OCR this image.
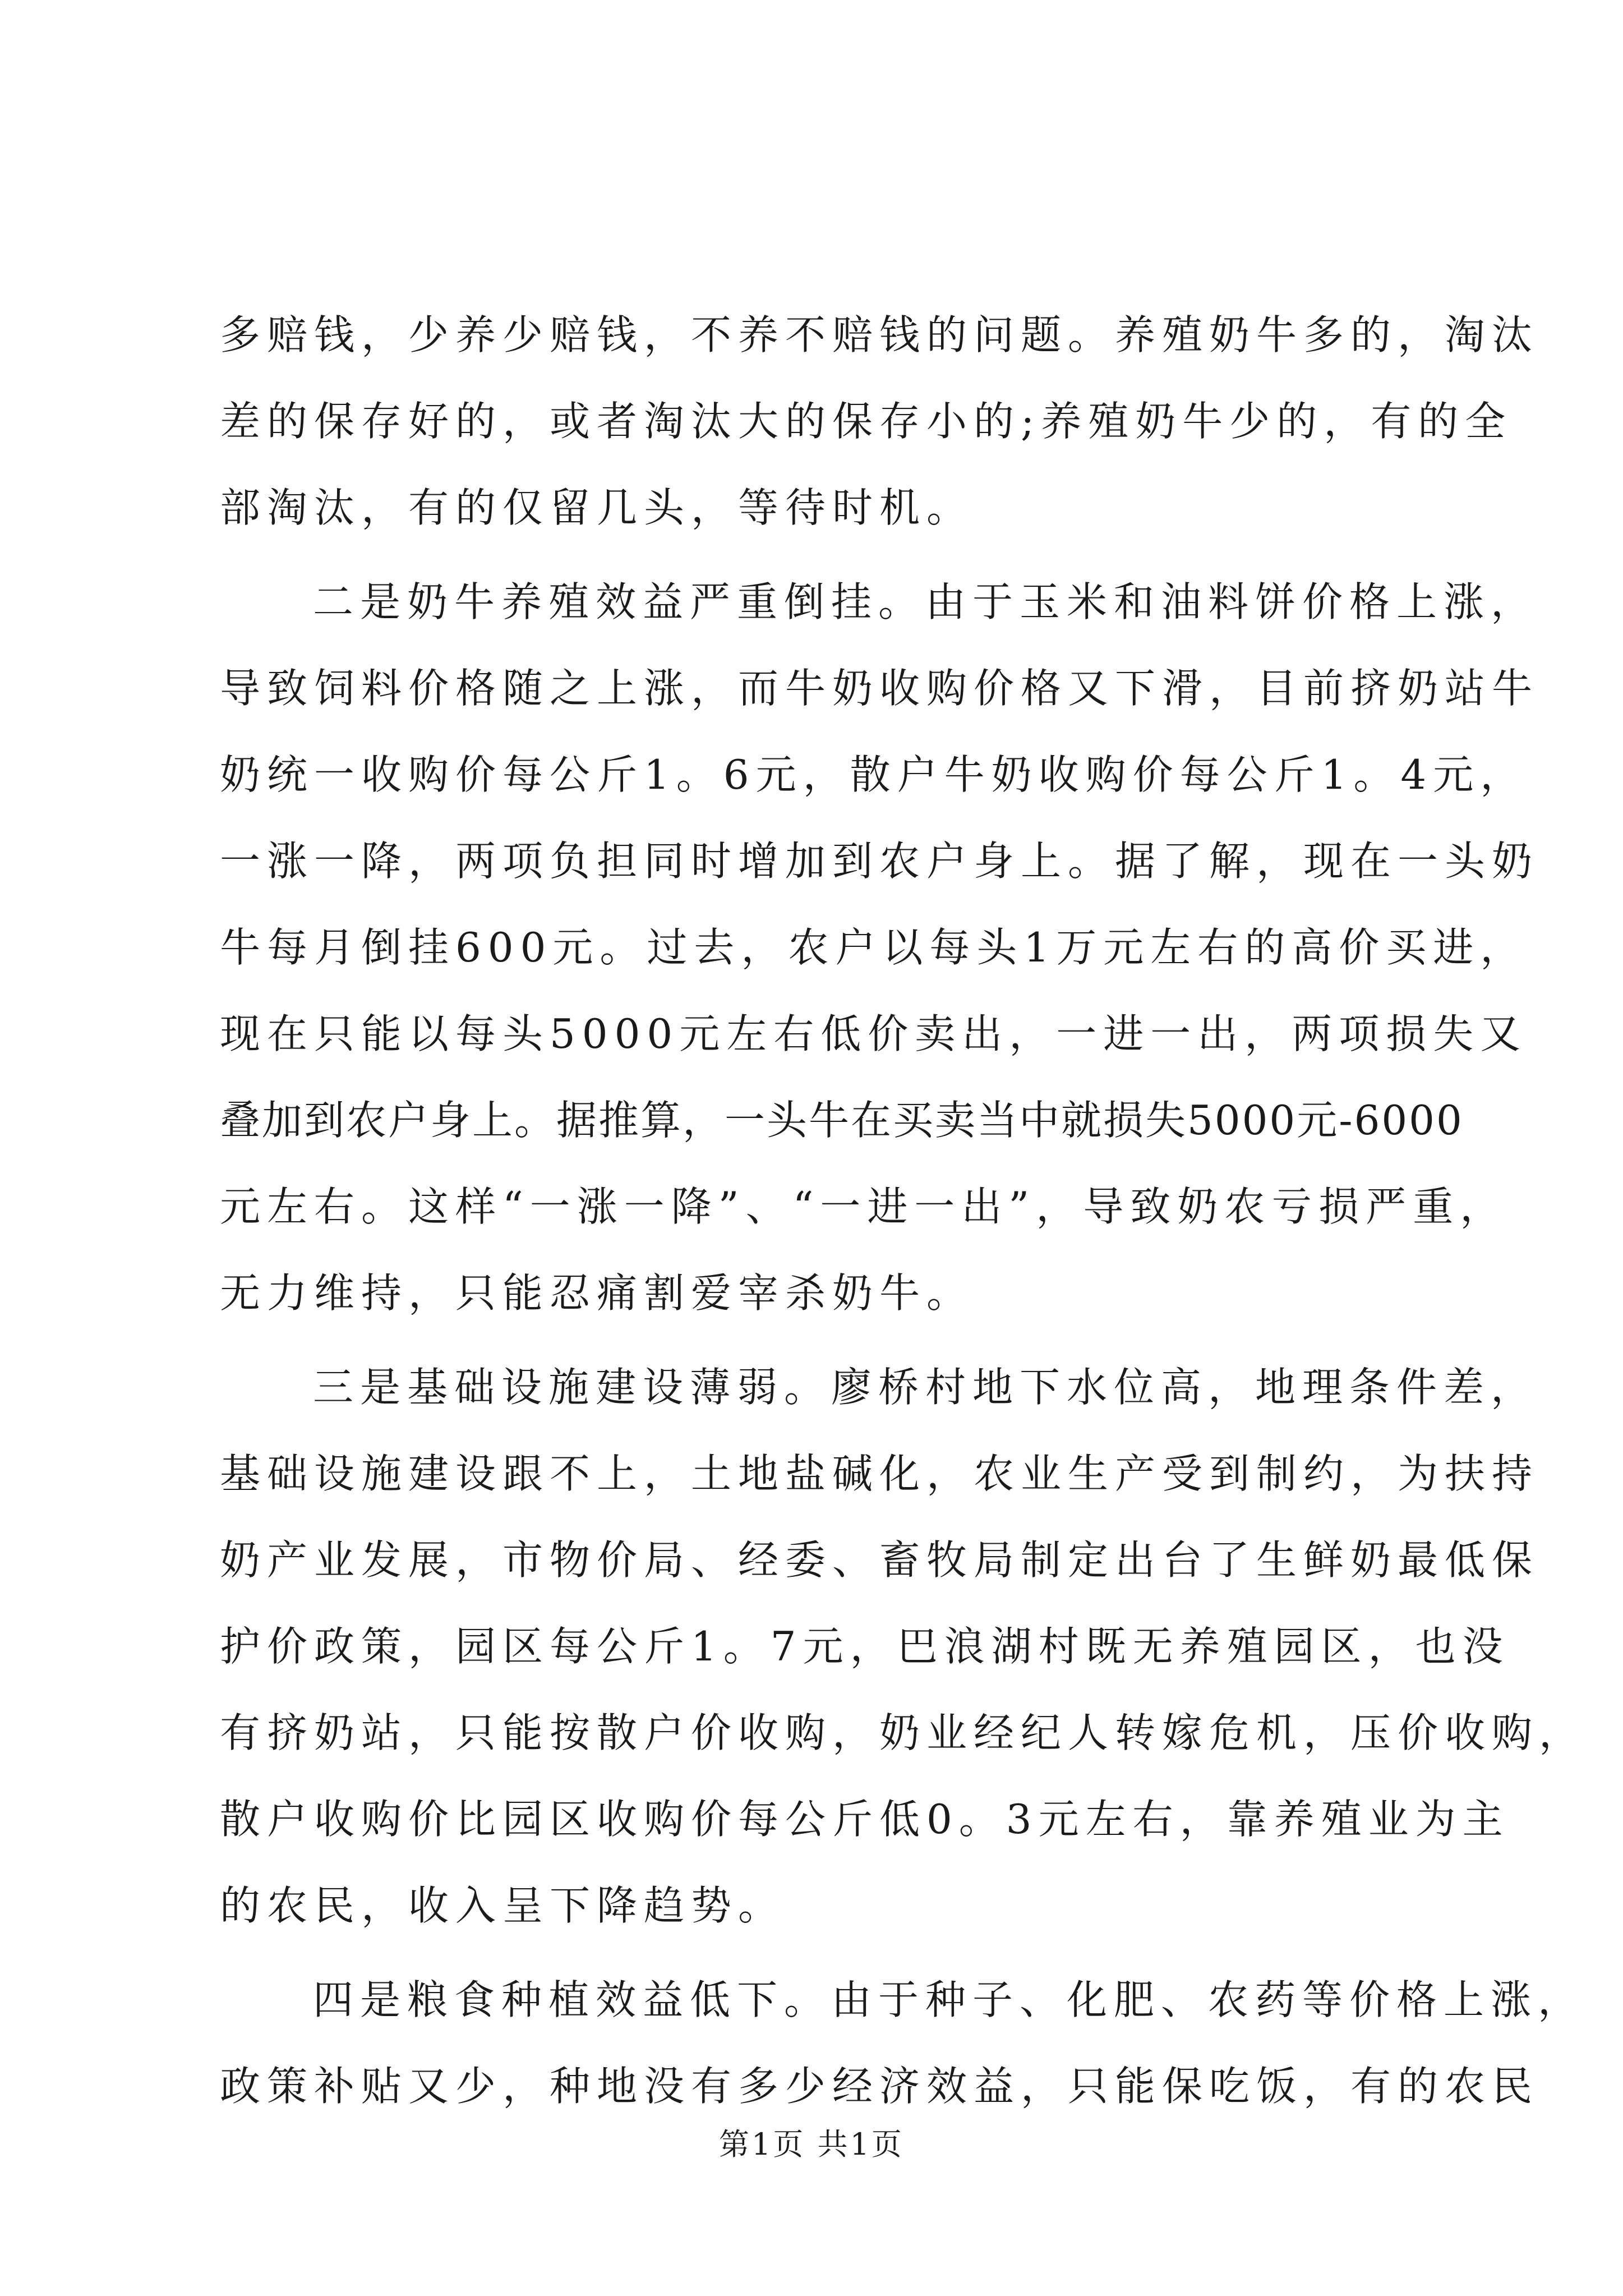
多赔钱，少养少赔钱，不养不赔钱的问题。养殖奶牛多的，淘汰
差的保存好的，或者淘汰大的保存小的;养殖奶牛少的，有的全
部淘汰，有的仅留几头，等待时机。
二是奶牛养殖效益严重倒挂。由于玉米和油料饼价格上涨，
导致饲料价格随之上涨，而牛奶收购价格又下滑，目前挤奶站牛
奶统一收购价每公斤1。6元，散户牛奶收购价每公斤1。4元，
一涨一降，两项负担同时增加到农户身上。据了解，现在一头奶
牛每月倒挂600元。过去，农户以每头1万元左右的高价买进，
现在只能以每头5000元左右低价卖出，一进一出，两项损失又
叠加到农户身上。据推算，一头牛在买卖当中就损失5000元-6000
元左右。这样“一涨一降”、“一进一出”，导致奶农亏损严重，
无力维持，只能忍痛割爱宰杀奶牛。
三是基础设施建设薄弱。廖桥村地下水位高，地理条件差，
基础设施建设跟不上，土地盐碱化，农业生产受到制约，为扶持
奶产业发展，市物价局、经委、畜牧局制定出台了生鲜奶最低保
护价政策，园区每公斤1。7元，巴浪湖村既无养殖园区，也没
有挤奶站，只能按散户价收购，奶业经纪人转嫁危机，压价收购，
散户收购价比园区收购价每公斤低0。3元左右，靠养殖业为主
的农民，收入呈下降趋势。
四是粮食种植效益低下。由于种子、化肥、农药等价格上涨，
政策补贴又少，种地没有多少经济效益，只能保吃饭，有的农民
第1页 共1页
